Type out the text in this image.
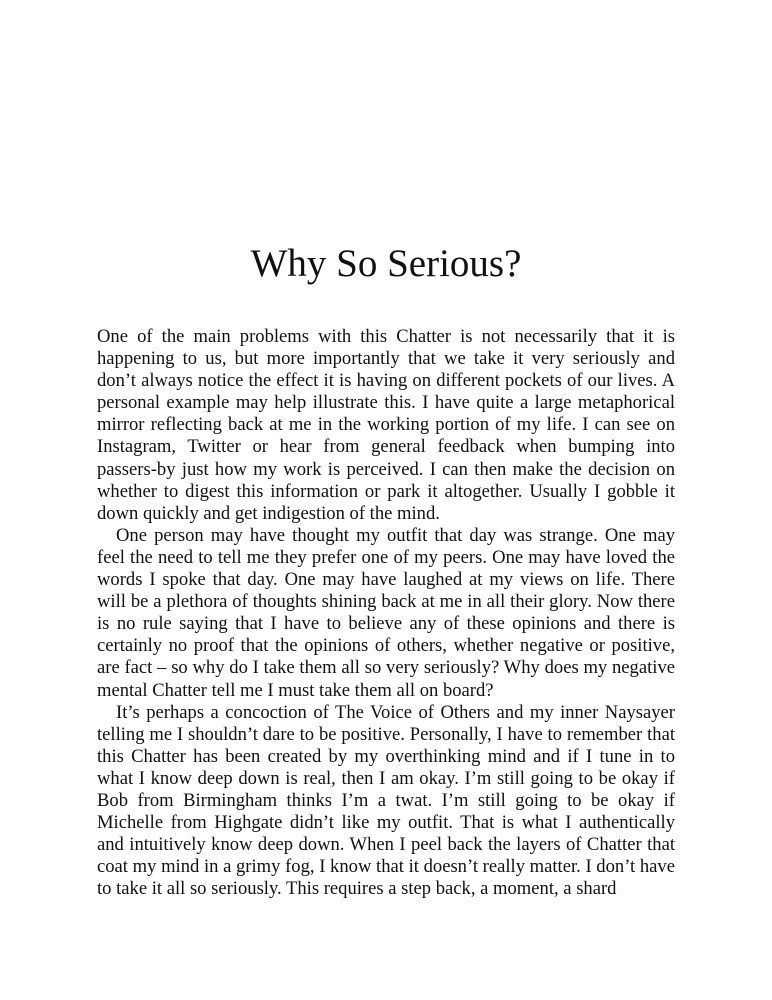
Why So Serious?

One of the main problems with this Chatter is not necessarily that it is happening to us, but more importantly that we take it very seriously and don’t always notice the effect it is having on different pockets of our lives. A personal example may help illustrate this. I have quite a large metaphorical mirror reflecting back at me in the working portion of my life. I can see on Instagram, Twitter or hear from general feedback when bumping into passers-by just how my work is perceived. I can then make the decision on whether to digest this information or park it altogether. Usually I gobble it down quickly and get indigestion of the mind.

One person may have thought my outfit that day was strange. One may feel the need to tell me they prefer one of my peers. One may have loved the words I spoke that day. One may have laughed at my views on life. There will be a plethora of thoughts shining back at me in all their glory. Now there is no rule saying that I have to believe any of these opinions and there is certainly no proof that the opinions of others, whether negative or positive, are fact – so why do I take them all so very seriously? Why does my negative mental Chatter tell me I must take them all on board?

It’s perhaps a concoction of The Voice of Others and my inner Naysayer telling me I shouldn’t dare to be positive. Personally, I have to remember that this Chatter has been created by my overthinking mind and if I tune in to what I know deep down is real, then I am okay. I’m still going to be okay if Bob from Birmingham thinks I’m a twat. I’m still going to be okay if Michelle from Highgate didn’t like my outfit. That is what I authentically and intuitively know deep down. When I peel back the layers of Chatter that coat my mind in a grimy fog, I know that it doesn’t really matter. I don’t have to take it all so seriously. This requires a step back, a moment, a shard
